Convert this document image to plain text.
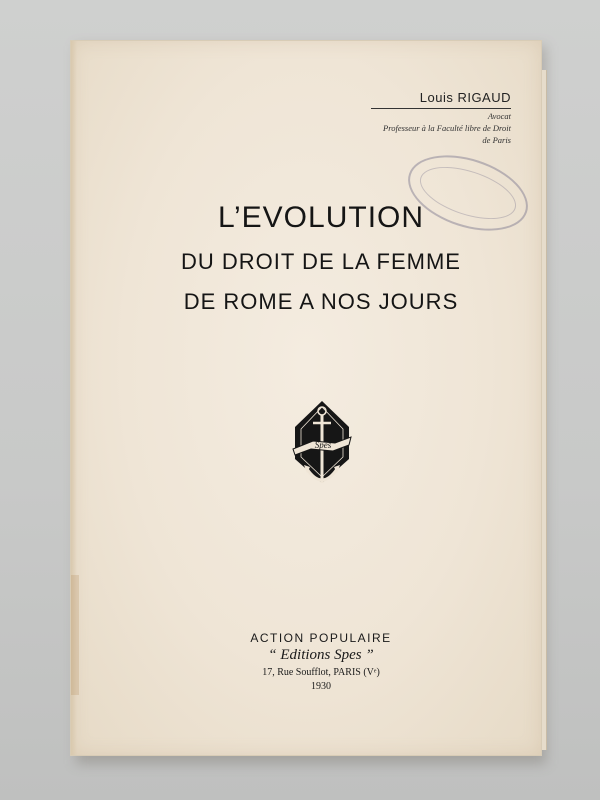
Louis RIGAUD
Avocat
Professeur à la Faculté libre de Droit
de Paris
L’EVOLUTION
DU DROIT DE LA FEMME
DE ROME A NOS JOURS
Spes
ACTION POPULAIRE
“ Editions Spes ”
17, Rue Soufflot, PARIS (Vᵉ)
1930
